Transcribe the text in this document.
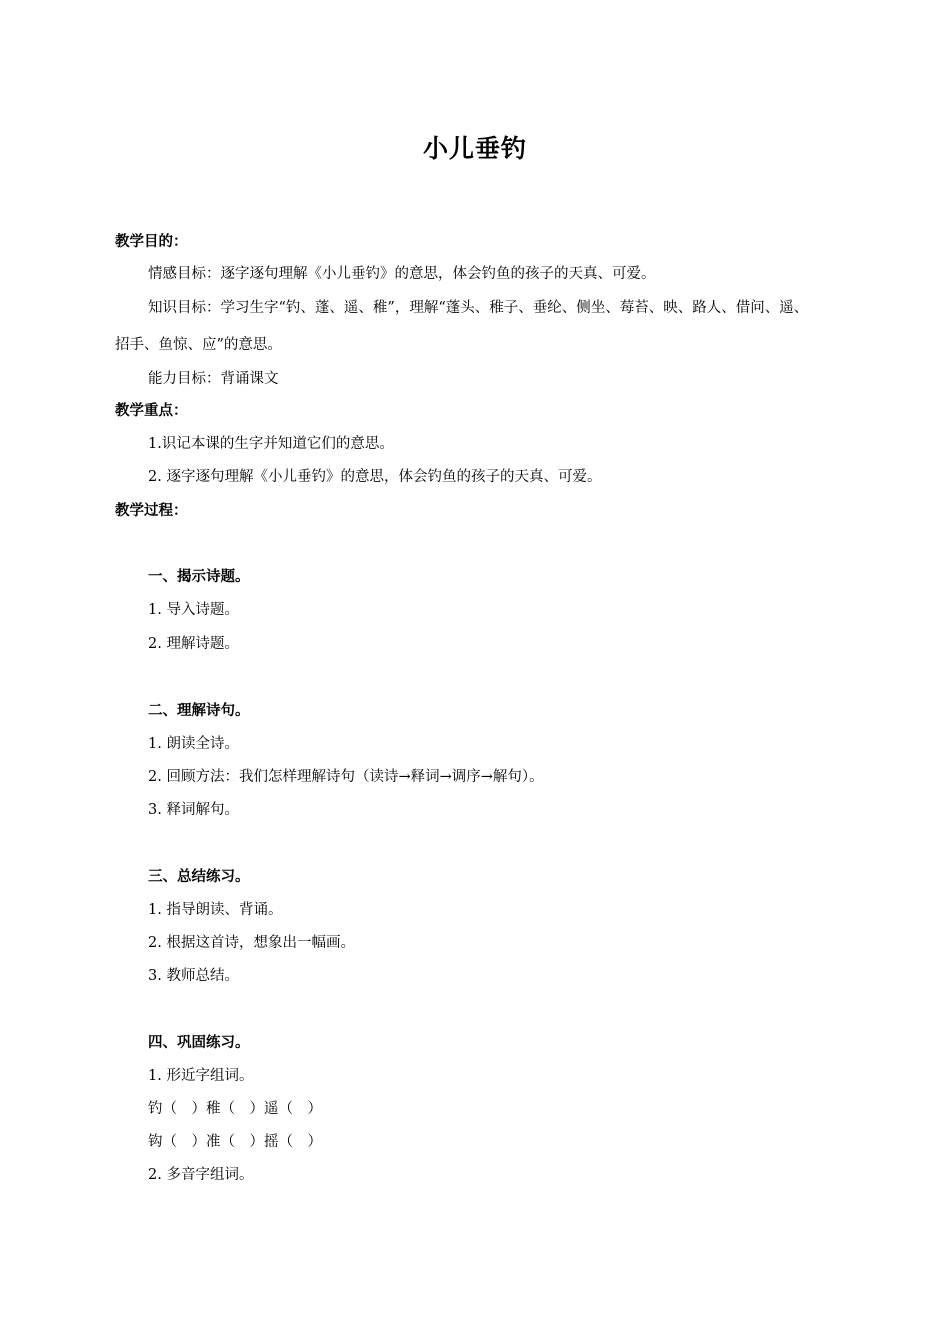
小儿垂钓
教学目的：
情感目标：逐字逐句理解《小儿垂钓》的意思，体会钓鱼的孩子的天真、可爱。
知识目标：学习生字“钓、蓬、遥、稚”，理解“蓬头、稚子、垂纶、侧坐、莓苔、映、路人、借问、遥、
招手、鱼惊、应”的意思。
能力目标：背诵课文
教学重点：
1.识记本课的生字并知道它们的意思。
2. 逐字逐句理解《小儿垂钓》的意思，体会钓鱼的孩子的天真、可爱。
教学过程：
一、揭示诗题。
1. 导入诗题。
2. 理解诗题。
二、理解诗句。
1. 朗读全诗。
2. 回顾方法：我们怎样理解诗句（读诗→释词→调序→解句）。
3. 释词解句。
三、总结练习。
1. 指导朗读、背诵。
2. 根据这首诗，想象出一幅画。
3. 教师总结。
四、巩固练习。
1. 形近字组词。
钓（　）稚（　）遥（　）
钩（　）准（　）摇（　）
2. 多音字组词。
